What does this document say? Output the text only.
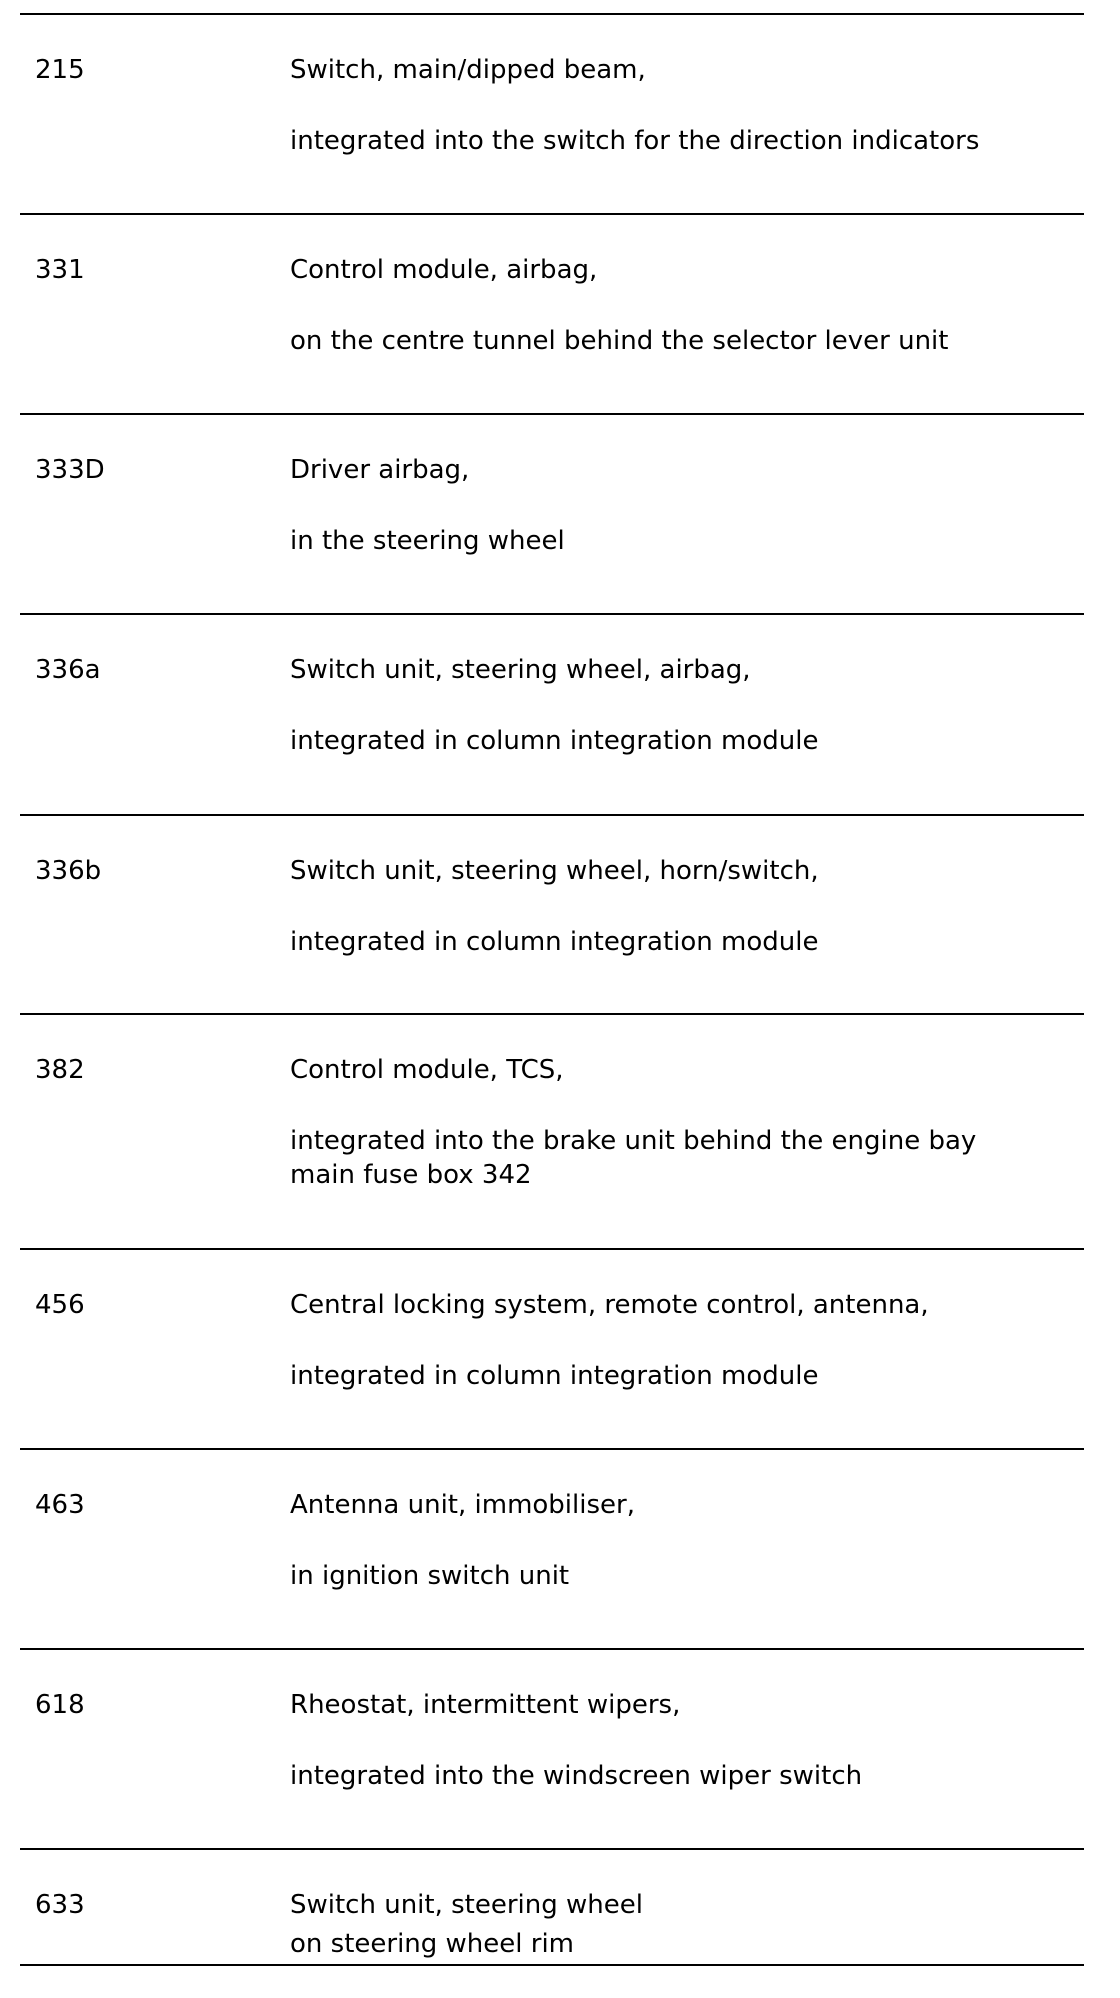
215	Switch, main/dipped beam,
integrated into the switch for the direction indicators
331	Control module, airbag,
on the centre tunnel behind the selector lever unit
333D	Driver airbag,
in the steering wheel
336a	Switch unit, steering wheel, airbag,
integrated in column integration module
336b	Switch unit, steering wheel, horn/switch,
integrated in column integration module
382	Control module, TCS,
integrated into the brake unit behind the engine bay
main fuse box 342
456	Central locking system, remote control, antenna,
integrated in column integration module
463	Antenna unit, immobiliser,
in ignition switch unit
618	Rheostat, intermittent wipers,
integrated into the windscreen wiper switch
633	Switch unit, steering wheel
on steering wheel rim
